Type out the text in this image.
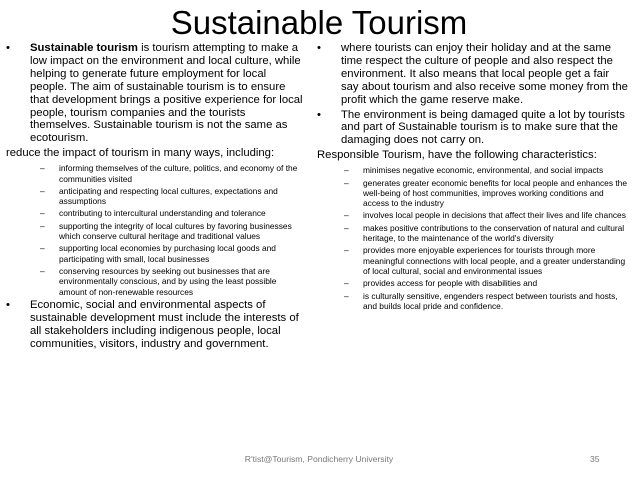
Sustainable Tourism
• Sustainable tourism is tourism attempting to make a low impact on the environment and local culture, while helping to generate future employment for local people. The aim of sustainable tourism is to ensure that development brings a positive experience for local people, tourism companies and the tourists themselves. Sustainable tourism is not the same as ecotourism.
reduce the impact of tourism in many ways, including:
– informing themselves of the culture, politics, and economy of the communities visited
– anticipating and respecting local cultures, expectations and assumptions
– contributing to intercultural understanding and tolerance
– supporting the integrity of local cultures by favoring businesses which conserve cultural heritage and traditional values
– supporting local economies by purchasing local goods and participating with small, local businesses
– conserving resources by seeking out businesses that are environmentally conscious, and by using the least possible amount of non-renewable resources
• Economic, social and environmental aspects of sustainable development must include the interests of all stakeholders including indigenous people, local communities, visitors, industry and government.
• where tourists can enjoy their holiday and at the same time respect the culture of people and also respect the environment. It also means that local people get a fair say about tourism and also receive some money from the profit which the game reserve make.
• The environment is being damaged quite a lot by tourists and part of Sustainable tourism is to make sure that the damaging does not carry on.
Responsible Tourism, have the following characteristics:
– minimises negative economic, environmental, and social impacts
– generates greater economic benefits for local people and enhances the well-being of host communities, improves working conditions and access to the industry
– involves local people in decisions that affect their lives and life chances
– makes positive contributions to the conservation of natural and cultural heritage, to the maintenance of the world's diversity
– provides more enjoyable experiences for tourists through more meaningful connections with local people, and a greater understanding of local cultural, social and environmental issues
– provides access for people with disabilities and
– is culturally sensitive, engenders respect between tourists and hosts, and builds local pride and confidence.
R'tist@Tourism, Pondicherry University	35
